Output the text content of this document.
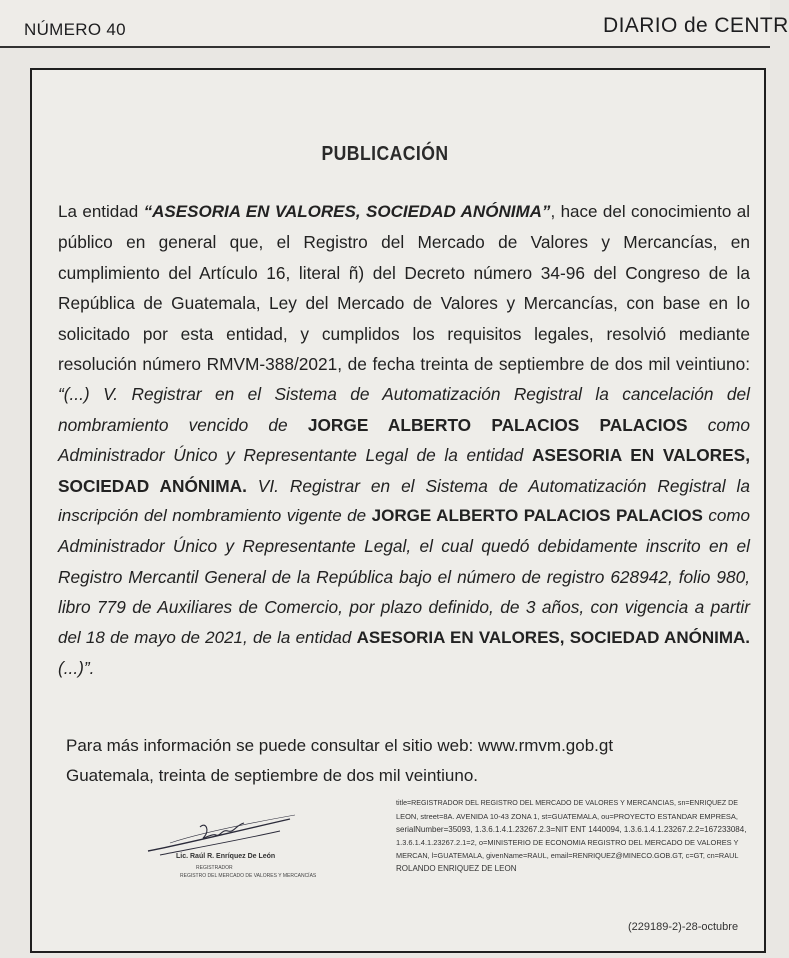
NÚMERO 40	DIARIO de CENTR
PUBLICACIÓN
La entidad “ASESORIA EN VALORES, SOCIEDAD ANÓNIMA”, hace del conocimiento al
público en general que, el Registro del Mercado de Valores y Mercancías, en
cumplimiento del Artículo 16, literal ñ) del Decreto número 34-96 del Congreso de la
República de Guatemala, Ley del Mercado de Valores y Mercancías, con base en lo
solicitado por esta entidad, y cumplidos los requisitos legales, resolvió mediante
resolución número RMVM-388/2021, de fecha treinta de septiembre de dos mil veintiuno:
“(...) V. Registrar en el Sistema de Automatización Registral la cancelación del
nombramiento vencido de JORGE ALBERTO PALACIOS PALACIOS como
Administrador Único y Representante Legal de la entidad ASESORIA EN VALORES,
SOCIEDAD ANÓNIMA. VI. Registrar en el Sistema de Automatización Registral la
inscripción del nombramiento vigente de JORGE ALBERTO PALACIOS PALACIOS como
Administrador Único y Representante Legal, el cual quedó debidamente inscrito en el
Registro Mercantil General de la República bajo el número de registro 628942, folio 980,
libro 779 de Auxiliares de Comercio, por plazo definido, de 3 años, con vigencia a partir
del 18 de mayo de 2021, de la entidad ASESORIA EN VALORES, SOCIEDAD ANÓNIMA.
(...)”.
Para más información se puede consultar el sitio web: www.rmvm.gob.gt
Guatemala, treinta de septiembre de dos mil veintiuno.
Lic. Raúl R. Enríquez De León
REGISTRADOR
REGISTRO DEL MERCADO DE VALORES Y MERCANCÍAS
title=REGISTRADOR DEL REGISTRO DEL MERCADO DE VALORES Y MERCANCIAS, sn=ENRIQUEZ DE
LEON, street=8A. AVENIDA 10-43 ZONA 1, st=GUATEMALA, ou=PROYECTO ESTANDAR EMPRESA,
serialNumber=35093, 1.3.6.1.4.1.23267.2.3=NIT ENT 1440094, 1.3.6.1.4.1.23267.2.2=167233084,
1.3.6.1.4.1.23267.2.1=2, o=MINISTERIO DE ECONOMIA REGISTRO DEL MERCADO DE VALORES Y
MERCAN, l=GUATEMALA, givenName=RAUL, email=RENRIQUEZ@MINECO.GOB.GT, c=GT, cn=RAUL
ROLANDO ENRIQUEZ DE LEON
(229189-2)-28-octubre
